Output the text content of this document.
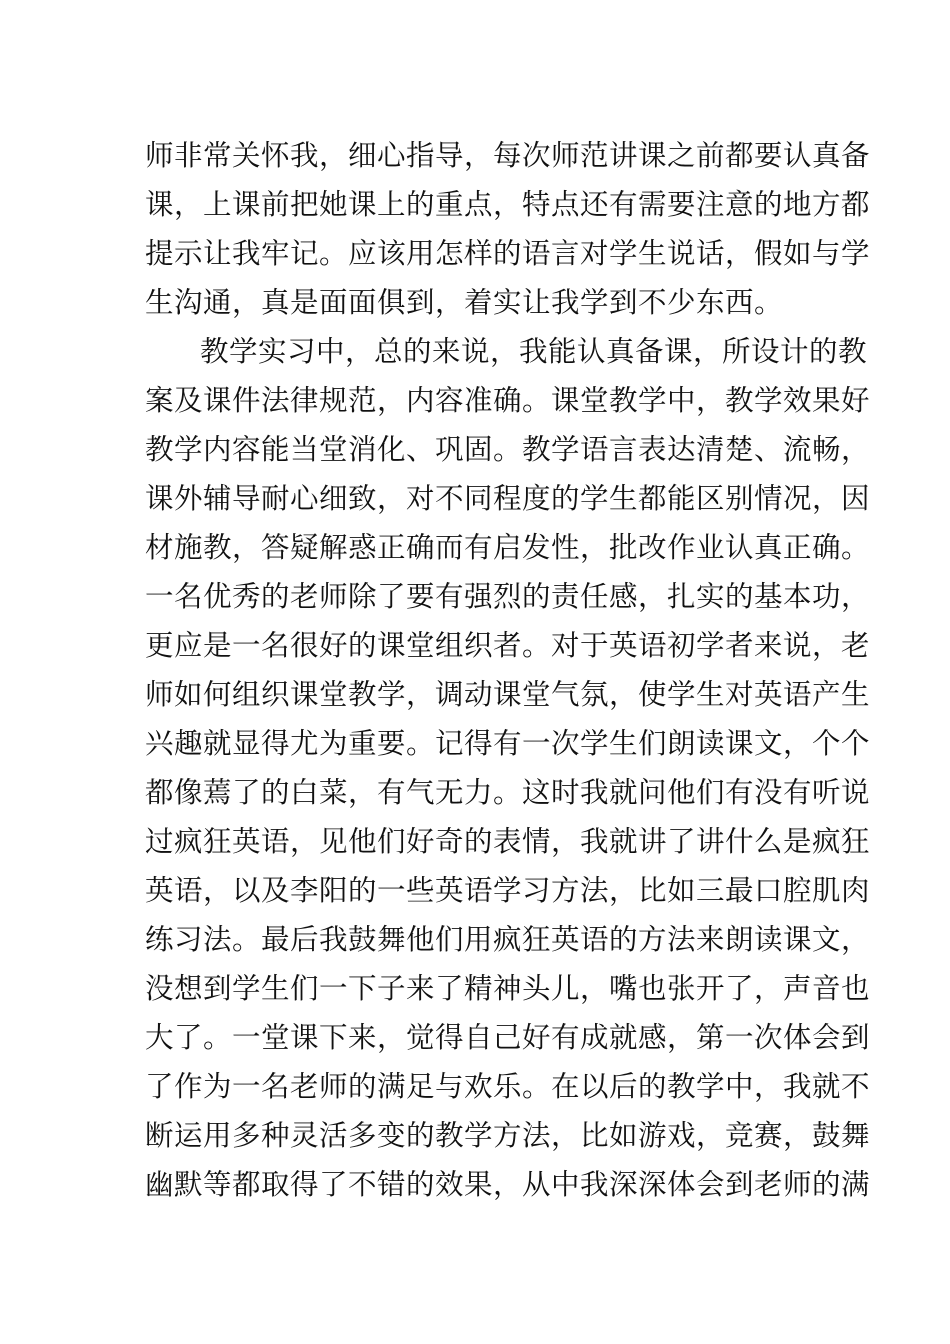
师非常关怀我，细心指导，每次师范讲课之前都要认真备
课，上课前把她课上的重点，特点还有需要注意的地方都
提示让我牢记。应该用怎样的语言对学生说话，假如与学
生沟通，真是面面俱到，着实让我学到不少东西。
教学实习中，总的来说，我能认真备课，所设计的教
案及课件法律规范，内容准确。课堂教学中，教学效果好
教学内容能当堂消化、巩固。教学语言表达清楚、流畅，
课外辅导耐心细致，对不同程度的学生都能区别情况，因
材施教，答疑解惑正确而有启发性，批改作业认真正确。
一名优秀的老师除了要有强烈的责任感，扎实的基本功，
更应是一名很好的课堂组织者。对于英语初学者来说，老
师如何组织课堂教学，调动课堂气氛，使学生对英语产生
兴趣就显得尤为重要。记得有一次学生们朗读课文，个个
都像蔫了的白菜，有气无力。这时我就问他们有没有听说
过疯狂英语，见他们好奇的表情，我就讲了讲什么是疯狂
英语，以及李阳的一些英语学习方法，比如三最口腔肌肉
练习法。最后我鼓舞他们用疯狂英语的方法来朗读课文，
没想到学生们一下子来了精神头儿，嘴也张开了，声音也
大了。一堂课下来，觉得自己好有成就感，第一次体会到
了作为一名老师的满足与欢乐。在以后的教学中，我就不
断运用多种灵活多变的教学方法，比如游戏，竞赛，鼓舞
幽默等都取得了不错的效果，从中我深深体会到老师的满
